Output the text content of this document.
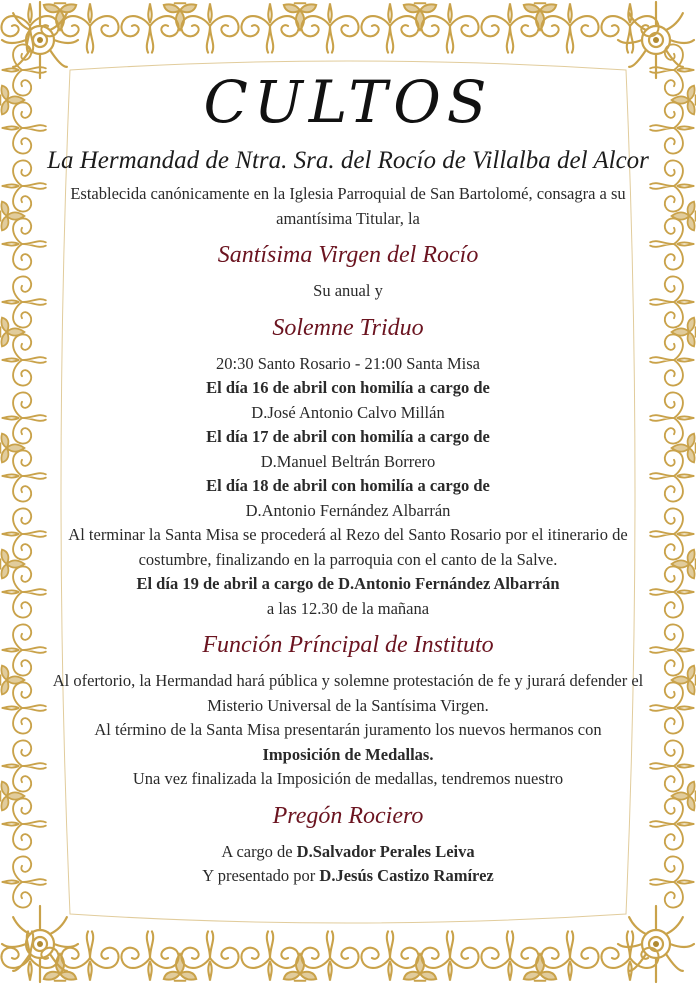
CULTOS
La Hermandad de Ntra. Sra. del Rocío de Villalba del Alcor

Establecida canónicamente en la Iglesia Parroquial de San Bartolomé, consagra a su amantísima Titular, la

Santísima Virgen del Rocío

Su anual y

Solemne Triduo

20:30 Santo Rosario - 21:00 Santa Misa

El día 16 de abril con homilía a cargo de

D.José Antonio Calvo Millán

El día 17 de abril con homilía a cargo de

D.Manuel Beltrán Borrero

El día 18 de abril con homilía a cargo de

D.Antonio Fernández Albarrán

Al terminar la Santa Misa se procederá al Rezo del Santo Rosario por el itinerario de costumbre, finalizando en la parroquia con el canto de la Salve.

El día 19 de abril a cargo de D.Antonio Fernández Albarrán

a las 12.30 de la mañana

Función Príncipal de Instituto

Al ofertorio, la Hermandad hará pública y solemne protestación de fe y jurará defender el Misterio Universal de la Santísima Virgen.

Al término de la Santa Misa presentarán juramento los nuevos hermanos con

Imposición de Medallas.

Una vez finalizada la Imposición de medallas, tendremos nuestro

Pregón Rociero

A cargo de D.Salvador Perales Leiva

Y presentado por D.Jesús Castizo Ramírez
